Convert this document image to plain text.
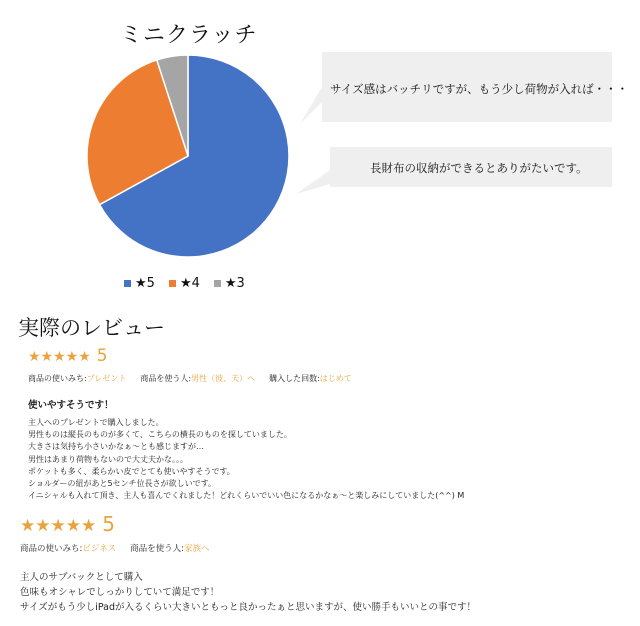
ミニクラッチ
★5 ★4 ★3
サイズ感はバッチリですが、もう少し荷物が入れば・・・
長財布の収納ができるとありがたいです。
実際のレビュー
★★★★★ 5
商品の使いみち:プレゼント 商品を使う人:男性（彼、夫）へ 購入した回数:はじめて
使いやすそうです！
主人へのプレゼントで購入しました。
男性ものは縦長のものが多くて、こちらの横長のものを探していました。
大きさは気持ち小さいかなぁ～とも感じますが…
男性はあまり荷物もないので大丈夫かな。。。
ポケットも多く、柔らかい皮でとても使いやすそうです。
ショルダーの紐があと5センチ位長さが欲しいです。
イニシャルも入れて頂き、主人も喜んでくれました！どれくらいでいい色になるかなぁ～と楽しみにしていました(^^) M
★★★★★ 5
商品の使いみち:ビジネス 商品を使う人:家族へ
主人のサブバックとして購入
色味もオシャレでしっかりしていて満足です！
サイズがもう少しiPadが入るくらい大きいともっと良かったぁと思いますが、使い勝手もいいとの事です！
